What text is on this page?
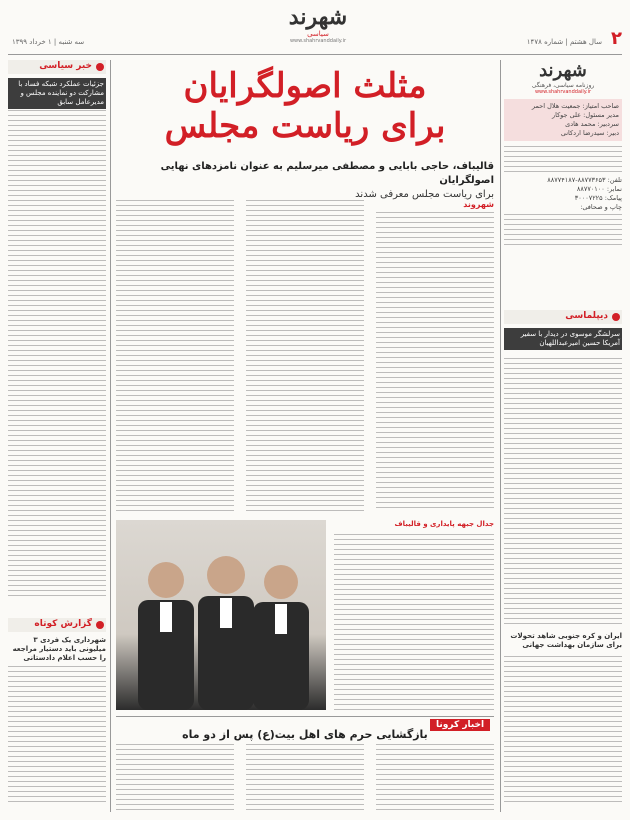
سه شنبه | ۱ خرداد ۱۳۹۹
شهرند
سیاسی
www.shahrvanddaily.ir	سال هشتم | شماره ۱۴۷۸ ۲
خبر سیاسی
جزئیات عملکرد شبکه فساد با مشارکت دو نماینده مجلس و مدیرعامل سابق
گزارش کوتاه
شهرداری یک فردی ۳ میلیونی باید دستیار مراجعه را حسب اعلام دادستانی
شهرند
روزنامه سیاسی، فرهنگی
www.shahrvanddaily.ir
صاحب امتیاز: جمعیت هلال احمر
مدیر مسئول: علی جوکار
سردبیر: محمد هادی
دبیر: سیدرضا اردکانی
تلفن: ۸۸۷۷۳۶۵۳-۸۸۷۷۴۱۸۷
نمابر: ۸۸۷۷۰۱۰۰
پیامک: ۳۰۰۰۷۲۲۵
چاپ و صحافی:
دیپلماسی
سرلشگر موسوی در دیدار با سفیر آمریکا حسین امیرعبداللهیان
ایران و کره جنوبی شاهد تحولات برای سازمان بهداشت جهانی
مثلث اصولگرایان
برای ریاست مجلس
قالیباف، حاجی بابایی و مصطفی میرسلیم به عنوان نامزدهای نهایی اصولگرایان
برای ریاست مجلس معرفی شدند
شهروند
جدال جبهه پایداری و قالیباف
اخبار کرونا
بازگشایی حرم های اهل بیت(ع) پس از دو ماه
